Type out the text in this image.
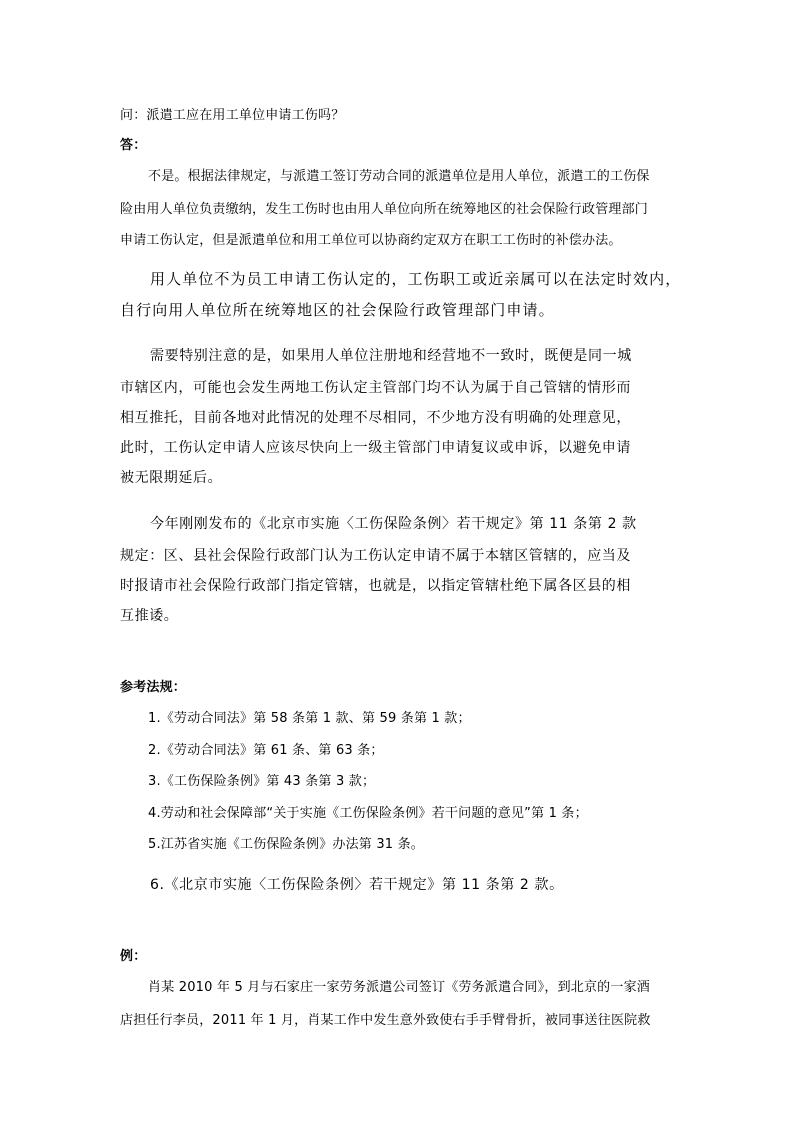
问：派遣工应在用工单位申请工伤吗？
答：
不是。根据法律规定，与派遣工签订劳动合同的派遣单位是用人单位，派遣工的工伤保
险由用人单位负责缴纳，发生工伤时也由用人单位向所在统筹地区的社会保险行政管理部门
申请工伤认定，但是派遣单位和用工单位可以协商约定双方在职工工伤时的补偿办法。
用人单位不为员工申请工伤认定的，工伤职工或近亲属可以在法定时效内，
自行向用人单位所在统筹地区的社会保险行政管理部门申请。
需要特别注意的是，如果用人单位注册地和经营地不一致时，既便是同一城
市辖区内，可能也会发生两地工伤认定主管部门均不认为属于自己管辖的情形而
相互推托，目前各地对此情况的处理不尽相同，不少地方没有明确的处理意见，
此时，工伤认定申请人应该尽快向上一级主管部门申请复议或申诉，以避免申请
被无限期延后。
今年刚刚发布的《北京市实施〈工伤保险条例〉若干规定》第 11 条第 2 款
规定：区、县社会保险行政部门认为工伤认定申请不属于本辖区管辖的，应当及
时报请市社会保险行政部门指定管辖，也就是，以指定管辖杜绝下属各区县的相
互推诿。
参考法规：
1.《劳动合同法》第 58 条第 1 款、第 59 条第 1 款；
2.《劳动合同法》第 61 条、第 63 条；
3.《工伤保险条例》第 43 条第 3 款；
4.劳动和社会保障部“关于实施《工伤保险条例》若干问题的意见”第 1 条；
5.江苏省实施《工伤保险条例》办法第 31 条。
6.《北京市实施〈工伤保险条例〉若干规定》第 11 条第 2 款。
例：
肖某 2010 年 5 月与石家庄一家劳务派遣公司签订《劳务派遣合同》，到北京的一家酒
店担任行李员，2011 年 1 月，肖某工作中发生意外致使右手手臂骨折，被同事送往医院救
